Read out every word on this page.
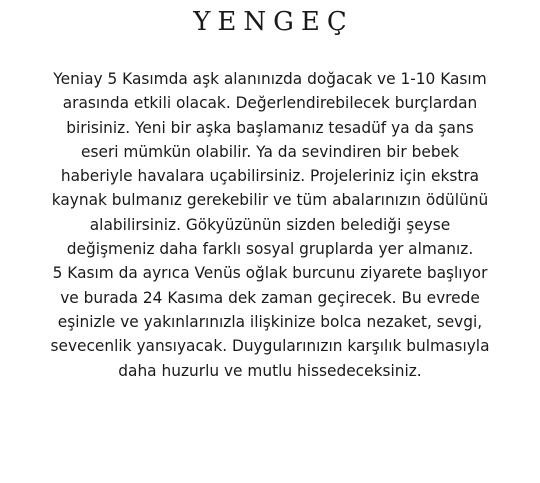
YENGEÇ

Yeniay 5 Kasımda aşk alanınızda doğacak ve 1-10 Kasım
arasında etkili olacak. Değerlendirebilecek burçlardan
birisiniz. Yeni bir aşka başlamanız tesadüf ya da şans
eseri mümkün olabilir. Ya da sevindiren bir bebek
haberiyle havalara uçabilirsiniz. Projeleriniz için ekstra
kaynak bulmanız gerekebilir ve tüm abalarınızın ödülünü
alabilirsiniz. Gökyüzünün sizden belediği şeyse
değişmeniz daha farklı sosyal gruplarda yer almanız.
5 Kasım da ayrıca Venüs oğlak burcunu ziyarete başlıyor
ve burada 24 Kasıma dek zaman geçirecek. Bu evrede
eşinizle ve yakınlarınızla ilişkinize bolca nezaket, sevgi,
sevecenlik yansıyacak. Duygularınızın karşılık bulmasıyla
daha huzurlu ve mutlu hissedeceksiniz.
